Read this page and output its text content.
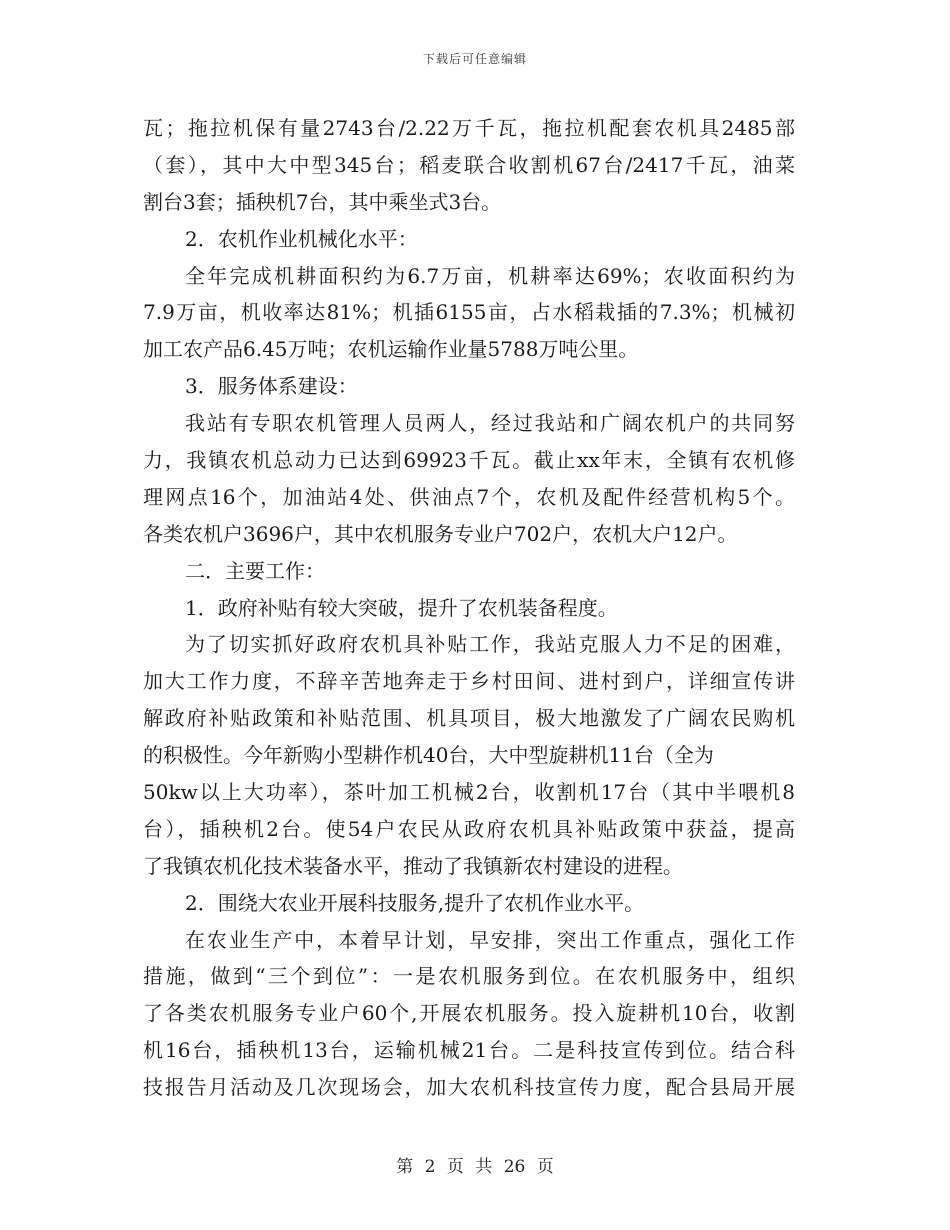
下载后可任意编辑
瓦；拖拉机保有量2743台/2.22万千瓦，拖拉机配套农机具2485部
（套），其中大中型345台；稻麦联合收割机67台/2417千瓦，油菜
割台3套；插秧机7台，其中乘坐式3台。
2．农机作业机械化水平：
全年完成机耕面积约为6.7万亩，机耕率达69%；农收面积约为
7.9万亩，机收率达81%；机插6155亩，占水稻栽插的7.3%；机械初
加工农产品6.45万吨；农机运输作业量5788万吨公里。
3．服务体系建设：
我站有专职农机管理人员两人，经过我站和广阔农机户的共同努
力，我镇农机总动力已达到69923千瓦。截止xx年末，全镇有农机修
理网点16个，加油站4处、供油点7个，农机及配件经营机构5个。
各类农机户3696户，其中农机服务专业户702户，农机大户12户。
二．主要工作：
1．政府补贴有较大突破，提升了农机装备程度。
为了切实抓好政府农机具补贴工作，我站克服人力不足的困难，
加大工作力度，不辞辛苦地奔走于乡村田间、进村到户，详细宣传讲
解政府补贴政策和补贴范围、机具项目，极大地激发了广阔农民购机
的积极性。今年新购小型耕作机40台，大中型旋耕机11台（全为
50kw以上大功率），茶叶加工机械2台，收割机17台（其中半喂机8
台），插秧机2台。使54户农民从政府农机具补贴政策中获益，提高
了我镇农机化技术装备水平，推动了我镇新农村建设的进程。
2．围绕大农业开展科技服务,提升了农机作业水平。
在农业生产中，本着早计划，早安排，突出工作重点，强化工作
措施，做到“三个到位”：一是农机服务到位。在农机服务中，组织
了各类农机服务专业户60个,开展农机服务。投入旋耕机10台，收割
机16台，插秧机13台，运输机械21台。二是科技宣传到位。结合科
技报告月活动及几次现场会，加大农机科技宣传力度，配合县局开展
第 2 页 共 26 页
